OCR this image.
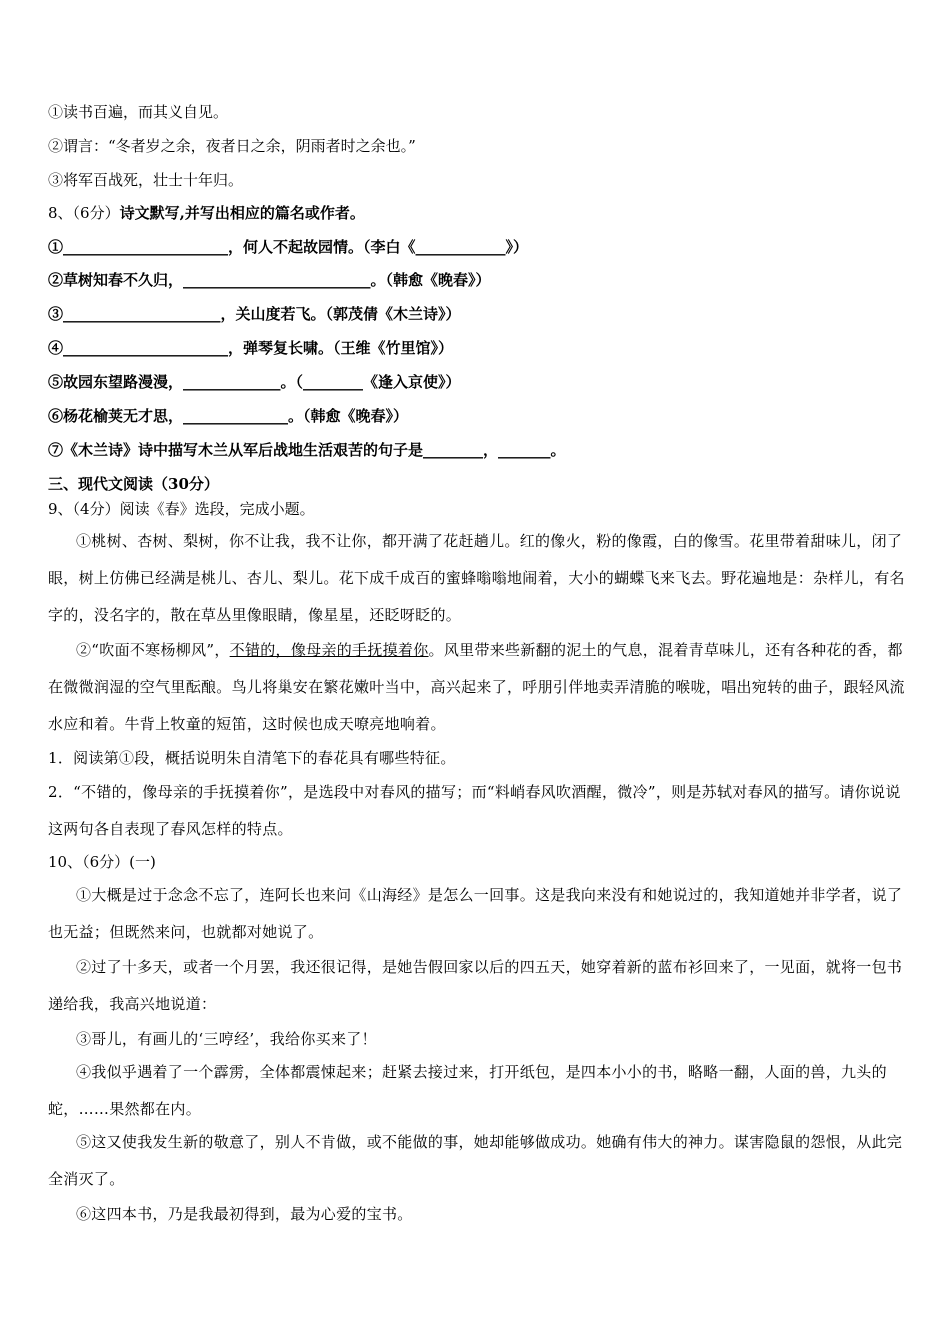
①读书百遍，而其义自见。
②谓言：“冬者岁之余，夜者日之余，阴雨者时之余也。”
③将军百战死，壮士十年归。
8、（6分）诗文默写,并写出相应的篇名或作者。
①______________________，何人不起故园情。（李白《____________》）
②草树知春不久归，_________________________。（韩愈《晚春》）
③_____________________，关山度若飞。（郭茂倩《木兰诗》）
④______________________，弹琴复长啸。（王维《竹里馆》）
⑤故园东望路漫漫，_____________。（________《逢入京使》）
⑥杨花榆荚无才思，______________。（韩愈《晚春》）
⑦《木兰诗》诗中描写木兰从军后战地生活艰苦的句子是________，_______。
三、现代文阅读（30分）
9、（4分）阅读《春》选段，完成小题。
①桃树、杏树、梨树，你不让我，我不让你，都开满了花赶趟儿。红的像火，粉的像霞，白的像雪。花里带着甜味儿，闭了眼，树上仿佛已经满是桃儿、杏儿、梨儿。花下成千成百的蜜蜂嗡嗡地闹着，大小的蝴蝶飞来飞去。野花遍地是：杂样儿，有名字的，没名字的，散在草丛里像眼睛，像星星，还眨呀眨的。
②“吹面不寒杨柳风”，不错的，像母亲的手抚摸着你。风里带来些新翻的泥土的气息，混着青草味儿，还有各种花的香，都在微微润湿的空气里酝酿。鸟儿将巢安在繁花嫩叶当中，高兴起来了，呼朋引伴地卖弄清脆的喉咙，唱出宛转的曲子，跟轻风流水应和着。牛背上牧童的短笛，这时候也成天嘹亮地响着。
1．阅读第①段，概括说明朱自清笔下的春花具有哪些特征。
2．“不错的，像母亲的手抚摸着你”，是选段中对春风的描写；而“料峭春风吹酒醒，微冷”，则是苏轼对春风的描写。请你说说这两句各自表现了春风怎样的特点。
10、（6分）(一)
①大概是过于念念不忘了，连阿长也来问《山海经》是怎么一回事。这是我向来没有和她说过的，我知道她并非学者，说了也无益；但既然来问，也就都对她说了。
②过了十多天，或者一个月罢，我还很记得，是她告假回家以后的四五天，她穿着新的蓝布衫回来了，一见面，就将一包书递给我，我高兴地说道：
③哥儿，有画儿的‘三哼经’，我给你买来了！
④我似乎遇着了一个霹雳，全体都震悚起来；赶紧去接过来，打开纸包，是四本小小的书，略略一翻，人面的兽，九头的蛇，……果然都在内。
⑤这又使我发生新的敬意了，别人不肯做，或不能做的事，她却能够做成功。她确有伟大的神力。谋害隐鼠的怨恨，从此完全消灭了。
⑥这四本书，乃是我最初得到，最为心爱的宝书。
